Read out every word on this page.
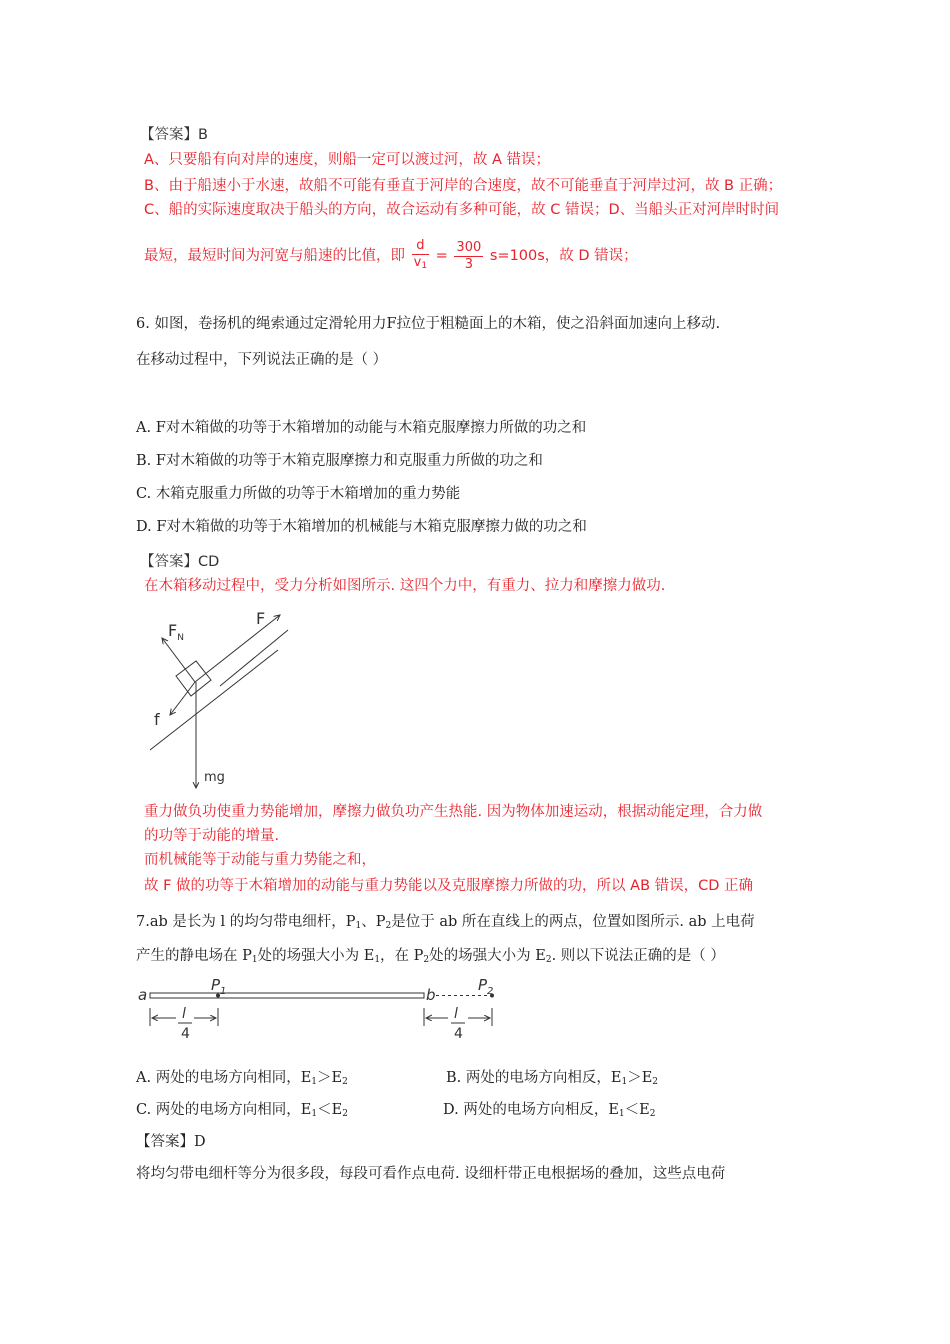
【答案】B
A、只要船有向对岸的速度，则船一定可以渡过河，故 A 错误；
B、由于船速小于水速，故船不可能有垂直于河岸的合速度，故不可能垂直于河岸过河，故 B 正确；
C、船的实际速度取决于船头的方向，故合运动有多种可能，故 C 错误；D、当船头正对河岸时时间
最短，最短时间为河宽与船速的比值，即 $\frac{d}{v_1} = \frac{300}{3} s=100s$，故 D 错误；
6. 如图，卷扬机的绳索通过定滑轮用力F拉位于粗糙面上的木箱，使之沿斜面加速向上移动.
在移动过程中，下列说法正确的是（ ）
A. F对木箱做的功等于木箱增加的动能与木箱克服摩擦力所做的功之和
B. F对木箱做的功等于木箱克服摩擦力和克服重力所做的功之和
C. 木箱克服重力所做的功等于木箱增加的重力势能
D. F对木箱做的功等于木箱增加的机械能与木箱克服摩擦力做的功之和
【答案】CD
在木箱移动过程中，受力分析如图所示. 这四个力中，有重力、拉力和摩擦力做功.
F
$F_N$
f
mg
重力做负功使重力势能增加，摩擦力做负功产生热能. 因为物体加速运动，根据动能定理，合力做
的功等于动能的增量.
而机械能等于动能与重力势能之和，
故 F 做的功等于木箱增加的动能与重力势能以及克服摩擦力所做的功，所以 AB 错误，CD 正确
7.ab 是长为 l 的均匀带电细杆，$P_1$、$P_2$是位于 ab 所在直线上的两点，位置如图所示. ab 上电荷
产生的静电场在 $P_1$处的场强大小为 $E_1$，在 $P_2$处的场强大小为 $E_2$. 则以下说法正确的是（ ）
a
$P_1$	b
$P_2$
l
4
l
4
A. 两处的电场方向相同，$E_1>E_2$	B. 两处的电场方向相反，$E_1>E_2$
C. 两处的电场方向相同，$E_1<E_2$	D. 两处的电场方向相反，$E_1<E_2$
【答案】D
将均匀带电细杆等分为很多段，每段可看作点电荷. 设细杆带正电根据场的叠加，这些点电荷
